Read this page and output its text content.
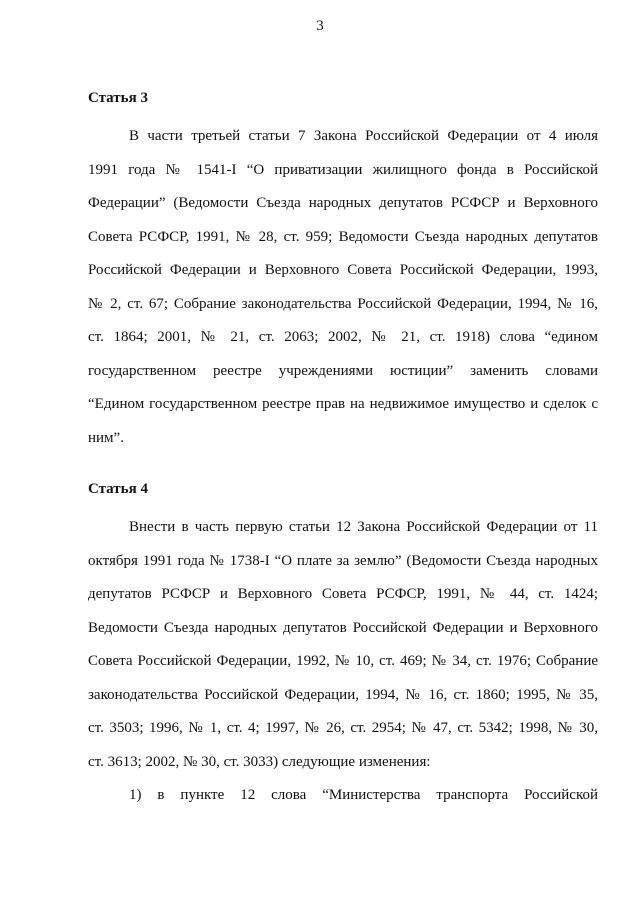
3
Статья 3
В части третьей статьи 7 Закона Российской Федерации от 4 июля
1991 года № 1541-I “О приватизации жилищного фонда в Российской
Федерации” (Ведомости Съезда народных депутатов РСФСР и Верховного
Совета РСФСР, 1991, № 28, ст. 959; Ведомости Съезда народных депутатов
Российской Федерации и Верховного Совета Российской Федерации, 1993,
№ 2, ст. 67; Собрание законодательства Российской Федерации, 1994, № 16,
ст. 1864; 2001, № 21, ст. 2063; 2002, № 21, ст. 1918) слова “едином
государственном реестре учреждениями юстиции” заменить словами
“Едином государственном реестре прав на недвижимое имущество и сделок с
ним”.
Статья 4
Внести в часть первую статьи 12 Закона Российской Федерации от 11
октября 1991 года № 1738-I “О плате за землю” (Ведомости Съезда народных
депутатов РСФСР и Верховного Совета РСФСР, 1991, № 44, ст. 1424;
Ведомости Съезда народных депутатов Российской Федерации и Верховного
Совета Российской Федерации, 1992, № 10, ст. 469; № 34, ст. 1976; Собрание
законодательства Российской Федерации, 1994, № 16, ст. 1860; 1995, № 35,
ст. 3503; 1996, № 1, ст. 4; 1997, № 26, ст. 2954; № 47, ст. 5342; 1998, № 30,
ст. 3613; 2002, № 30, ст. 3033) следующие изменения:
1) в пункте 12 слова “Министерства транспорта Российской
